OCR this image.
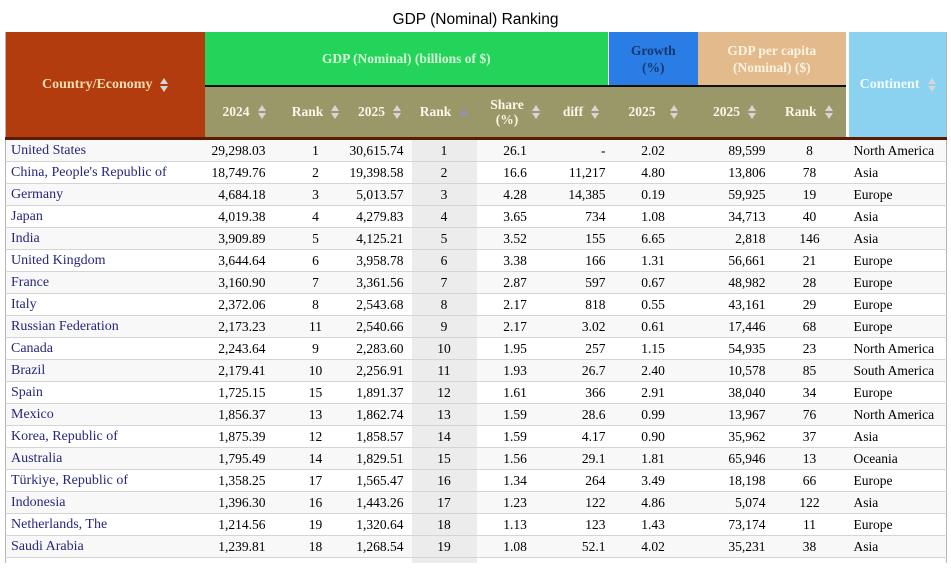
GDP (Nominal) Ranking
Country/Economy	GDP (Nominal) (billions of $)						Growth
(%)	GDP per capita
(Nominal) ($)		Continent

	2024	Rank	2025	Rank	Share
(%)	diff	2025	2025	Rank	

United States	29,298.03	1	30,615.74	1	26.1	-	2.02	89,599	8	North America
China, People's Republic of	18,749.76	2	19,398.58	2	16.6	11,217	4.80	13,806	78	Asia
Germany	4,684.18	3	5,013.57	3	4.28	14,385	0.19	59,925	19	Europe
Japan	4,019.38	4	4,279.83	4	3.65	734	1.08	34,713	40	Asia
India	3,909.89	5	4,125.21	5	3.52	155	6.65	2,818	146	Asia
United Kingdom	3,644.64	6	3,958.78	6	3.38	166	1.31	56,661	21	Europe
France	3,160.90	7	3,361.56	7	2.87	597	0.67	48,982	28	Europe
Italy	2,372.06	8	2,543.68	8	2.17	818	0.55	43,161	29	Europe
Russian Federation	2,173.23	11	2,540.66	9	2.17	3.02	0.61	17,446	68	Europe
Canada	2,243.64	9	2,283.60	10	1.95	257	1.15	54,935	23	North America
Brazil	2,179.41	10	2,256.91	11	1.93	26.7	2.40	10,578	85	South America
Spain	1,725.15	15	1,891.37	12	1.61	366	2.91	38,040	34	Europe
Mexico	1,856.37	13	1,862.74	13	1.59	28.6	0.99	13,967	76	North America
Korea, Republic of	1,875.39	12	1,858.57	14	1.59	4.17	0.90	35,962	37	Asia
Australia	1,795.49	14	1,829.51	15	1.56	29.1	1.81	65,946	13	Oceania
Türkiye, Republic of	1,358.25	17	1,565.47	16	1.34	264	3.49	18,198	66	Europe
Indonesia	1,396.30	16	1,443.26	17	1.23	122	4.86	5,074	122	Asia
Netherlands, The	1,214.56	19	1,320.64	18	1.13	123	1.43	73,174	11	Europe
Saudi Arabia	1,239.81	18	1,268.54	19	1.08	52.1	4.02	35,231	38	Asia
